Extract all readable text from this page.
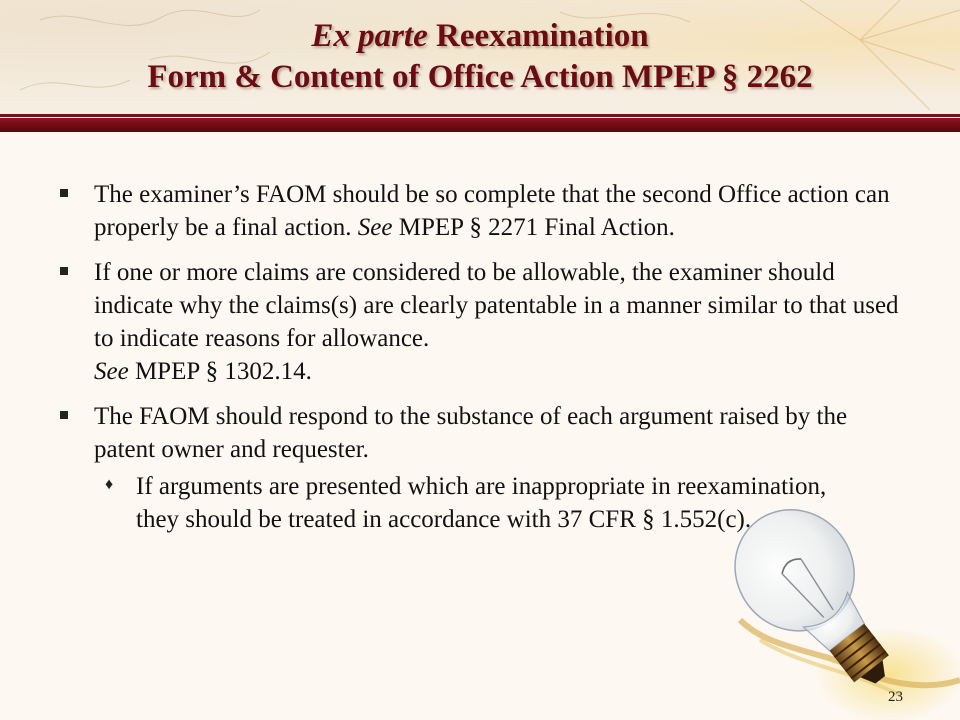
Ex parte Reexamination
Form & Content of Office Action MPEP § 2262
The examiner’s FAOM should be so complete that the second Office action can properly be a final action. See MPEP § 2271 Final Action.
If one or more claims are considered to be allowable, the examiner should indicate why the claims(s) are clearly patentable in a manner similar to that used to indicate reasons for allowance.
See MPEP § 1302.14.
The FAOM should respond to the substance of each argument raised by the patent owner and requester.
♦ If arguments are presented which are inappropriate in reexamination, they should be treated in accordance with 37 CFR § 1.552(c).
23
